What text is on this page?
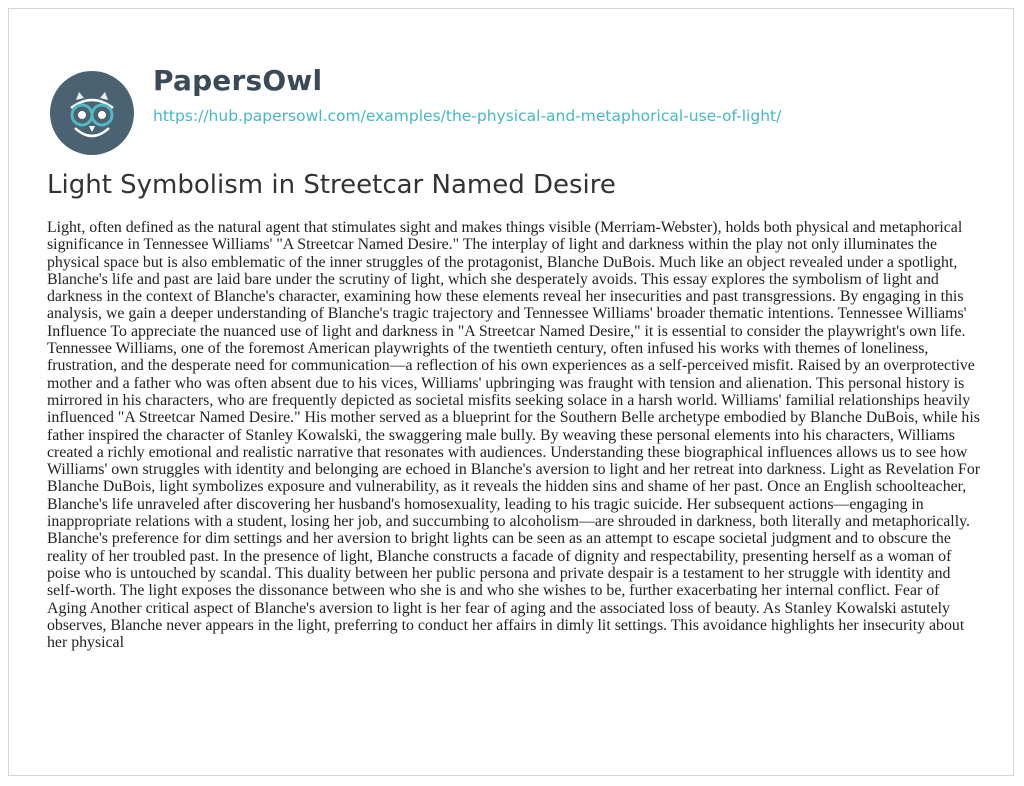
PapersOwl
https://hub.papersowl.com/examples/the-physical-and-metaphorical-use-of-light/
Light Symbolism in Streetcar Named Desire

Light, often defined as the natural agent that stimulates sight and makes things visible (Merriam-Webster), holds both physical and metaphorical significance in Tennessee Williams' "A Streetcar Named Desire." The interplay of light and darkness within the play not only illuminates the physical space but is also emblematic of the inner struggles of the protagonist, Blanche DuBois. Much like an object revealed under a spotlight, Blanche's life and past are laid bare under the scrutiny of light, which she desperately avoids. This essay explores the symbolism of light and darkness in the context of Blanche's character, examining how these elements reveal her insecurities and past transgressions. By engaging in this analysis, we gain a deeper understanding of Blanche's tragic trajectory and Tennessee Williams' broader thematic intentions. Tennessee Williams' Influence To appreciate the nuanced use of light and darkness in "A Streetcar Named Desire," it is essential to consider the playwright's own life. Tennessee Williams, one of the foremost American playwrights of the twentieth century, often infused his works with themes of loneliness, frustration, and the desperate need for communication—a reflection of his own experiences as a self-perceived misfit. Raised by an overprotective mother and a father who was often absent due to his vices, Williams' upbringing was fraught with tension and alienation. This personal history is mirrored in his characters, who are frequently depicted as societal misfits seeking solace in a harsh world. Williams' familial relationships heavily influenced "A Streetcar Named Desire." His mother served as a blueprint for the Southern Belle archetype embodied by Blanche DuBois, while his father inspired the character of Stanley Kowalski, the swaggering male bully. By weaving these personal elements into his characters, Williams created a richly emotional and realistic narrative that resonates with audiences. Understanding these biographical influences allows us to see how Williams' own struggles with identity and belonging are echoed in Blanche's aversion to light and her retreat into darkness. Light as Revelation For Blanche DuBois, light symbolizes exposure and vulnerability, as it reveals the hidden sins and shame of her past. Once an English schoolteacher, Blanche's life unraveled after discovering her husband's homosexuality, leading to his tragic suicide. Her subsequent actions—engaging in inappropriate relations with a student, losing her job, and succumbing to alcoholism—are shrouded in darkness, both literally and metaphorically. Blanche's preference for dim settings and her aversion to bright lights can be seen as an attempt to escape societal judgment and to obscure the reality of her troubled past. In the presence of light, Blanche constructs a facade of dignity and respectability, presenting herself as a woman of poise who is untouched by scandal. This duality between her public persona and private despair is a testament to her struggle with identity and self-worth. The light exposes the dissonance between who she is and who she wishes to be, further exacerbating her internal conflict. Fear of Aging Another critical aspect of Blanche's aversion to light is her fear of aging and the associated loss of beauty. As Stanley Kowalski astutely observes, Blanche never appears in the light, preferring to conduct her affairs in dimly lit settings. This avoidance highlights her insecurity about her physical
